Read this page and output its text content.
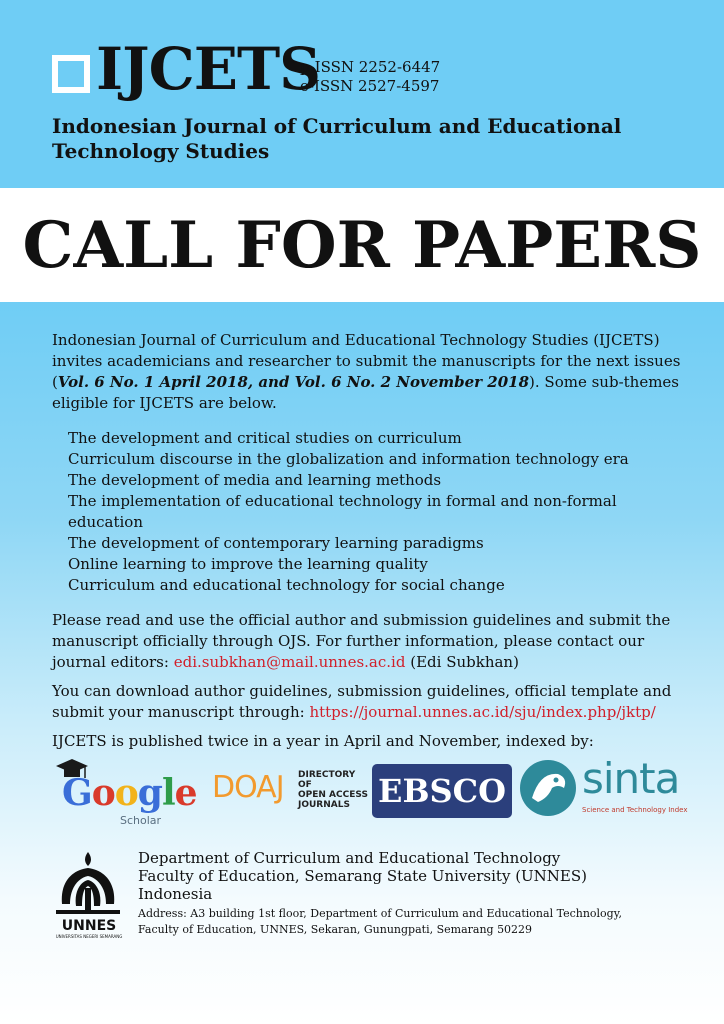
IJCETS
p-ISSN 2252-6447
e-ISSN 2527-4597
Indonesian Journal of Curriculum and Educational Technology Studies
CALL FOR PAPERS

Indonesian Journal of Curriculum and Educational Technology Studies (IJCETS) invites academicians and researcher to submit the manuscripts for the next issues (Vol. 6 No. 1 April 2018, and Vol. 6 No. 2 November 2018). Some sub-themes eligible for IJCETS are below.

The development and critical studies on curriculum
Curriculum discourse in the globalization and information technology era
The development of media and learning methods
The implementation of educational technology in formal and non-formal education
The development of contemporary learning paradigms
Online learning to improve the learning quality
Curriculum and educational technology for social change

Please read and use the official author and submission guidelines and submit the manuscript officially through OJS. For further information, please contact our journal editors: edi.subkhan@mail.unnes.ac.id (Edi Subkhan)

You can download author guidelines, submission guidelines, official template and submit your manuscript through: https://journal.unnes.ac.id/sju/index.php/jktp/

IJCETS is published twice in a year in April and November, indexed by:

Google
Scholar
DOAJ DIRECTORY OF
OPEN ACCESS
JOURNALS EBSCO sinta
Science and Technology Index
UNNES
UNIVERSITAS NEGERI SEMARANG
Department of Curriculum and Educational Technology
Faculty of Education, Semarang State University (UNNES)
Indonesia
Address: A3 building 1st floor, Department of Curriculum and Educational Technology,
Faculty of Education, UNNES, Sekaran, Gunungpati, Semarang 50229
